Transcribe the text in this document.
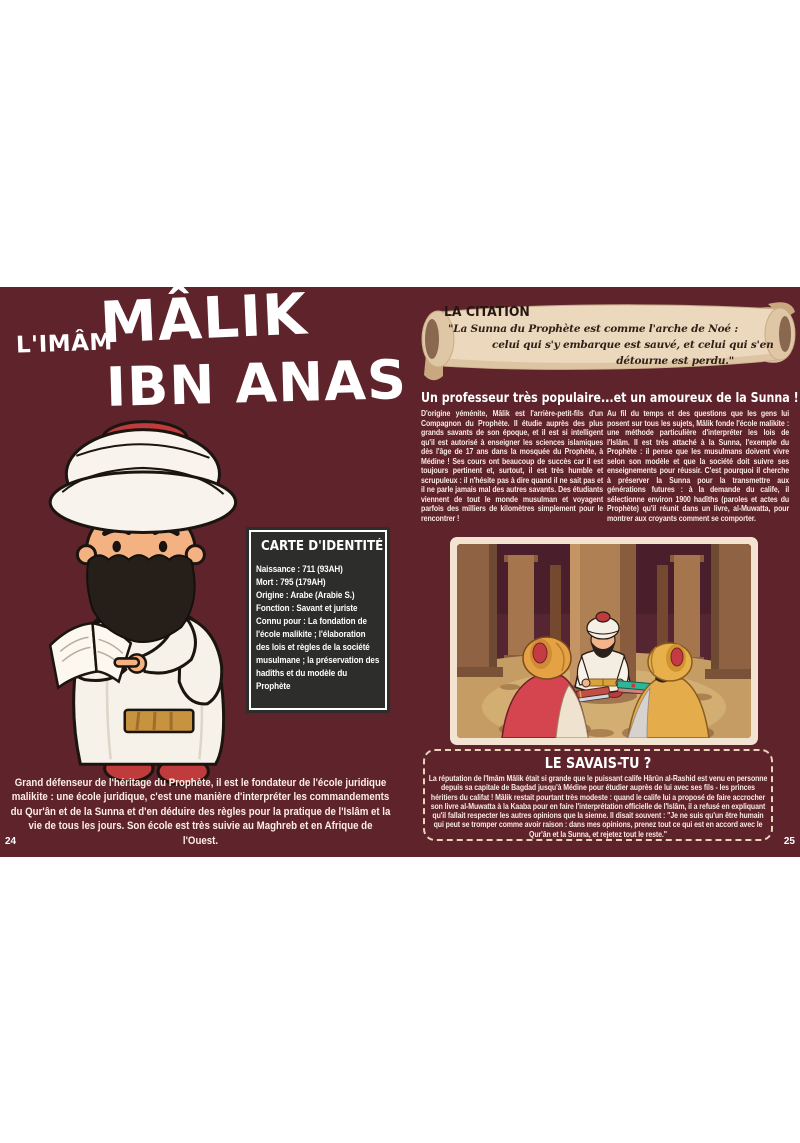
L'IMÂM
MÂLIK
IBN ANAS
CARTE D'IDENTITÉ
Naissance : 711 (93AH)
Mort : 795 (179AH)
Origine : Arabe (Arabie S.)
Fonction : Savant et juriste
Connu pour : La fondation de l'école malikite ; l'élaboration des lois et règles de la société musulmane ; la préservation des hadîths et du modèle du Prophète
Grand défenseur de l'héritage du Prophète, il est le fondateur de l'école juridique malikite : une école juridique, c'est une manière d'interpréter les commandements du Qur'ân et de la Sunna et d'en déduire des règles pour la pratique de l'Islâm et la vie de tous les jours. Son école est très suivie au Maghreb et en Afrique de l'Ouest.
24
LA CITATION
"La Sunna du Prophète est comme l'arche de Noé :
celui qui s'y embarque est sauvé, et celui qui s'en
détourne est perdu."
Un professeur très populaire...
...et un amoureux de la Sunna !
D'origine yéménite, Mâlik est l'arrière-petit-fils d'un Compagnon du Prophète. Il étudie auprès des plus grands savants de son époque, et il est si intelligent qu'il est autorisé à enseigner les sciences islamiques dès l'âge de 17 ans dans la mosquée du Prophète, à Médine ! Ses cours ont beaucoup de succès car il est toujours pertinent et, surtout, il est très humble et scrupuleux : il n'hésite pas à dire quand il ne sait pas et il ne parle jamais mal des autres savants. Des étudiants viennent de tout le monde musulman et voyagent parfois des milliers de kilomètres simplement pour le rencontrer !
Au fil du temps et des questions que les gens lui posent sur tous les sujets, Mâlik fonde l'école malikite : une méthode particulière d'interpréter les lois de l'Islâm. Il est très attaché à la Sunna, l'exemple du Prophète : il pense que les musulmans doivent vivre selon son modèle et que la société doit suivre ses enseignements pour réussir. C'est pourquoi il cherche à préserver la Sunna pour la transmettre aux générations futures : à la demande du calife, il sélectionne environ 1900 hadîths (paroles et actes du Prophète) qu'il réunit dans un livre, al-Muwatta, pour montrer aux croyants comment se comporter.
LE SAVAIS-TU ?
La réputation de l'Imâm Mâlik était si grande que le puissant calife Hârûn al-Rashid est venu en personne depuis sa capitale de Bagdad jusqu'à Médine pour étudier auprès de lui avec ses fils - les princes héritiers du califat ! Mâlik restait pourtant très modeste : quand le calife lui a proposé de faire accrocher son livre al-Muwatta à la Kaaba pour en faire l'interprétation officielle de l'Islâm, il a refusé en expliquant qu'il fallait respecter les autres opinions que la sienne. Il disait souvent : "Je ne suis qu'un être humain qui peut se tromper comme avoir raison : dans mes opinions, prenez tout ce qui est en accord avec le Qur'ân et la Sunna, et rejetez tout le reste."
25
